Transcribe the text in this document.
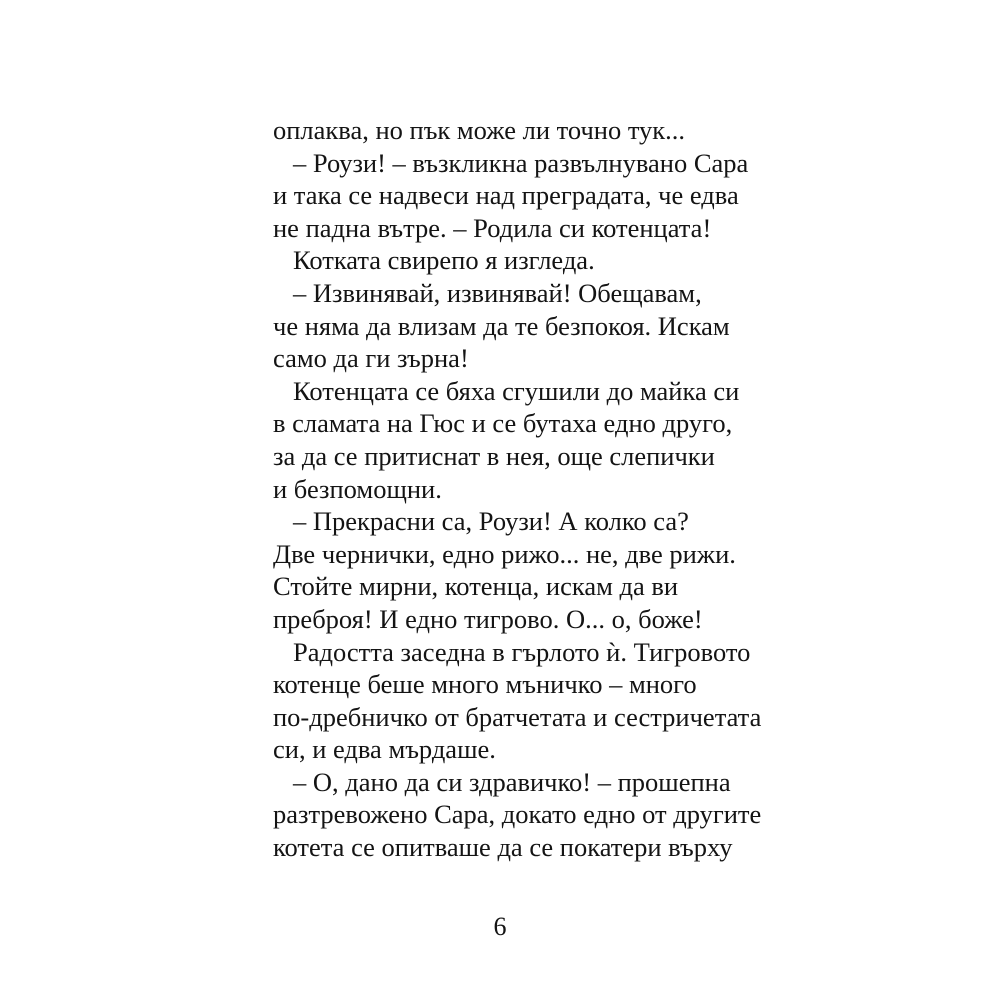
оплаква, но пък може ли точно тук...
– Роузи! – възкликна развълнувано Сара
и така се надвеси над преградата, че едва
не падна вътре. – Родила си котенцата!
Котката свирепо я изгледа.
– Извинявай, извинявай! Обещавам,
че няма да влизам да те безпокоя. Искам
само да ги зърна!
Котенцата се бяха сгушили до майка си
в сламата на Гюс и се бутаха едно друго,
за да се притиснат в нея, още слепички
и безпомощни.
– Прекрасни са, Роузи! А колко са?
Две чернички, едно рижо... не, две рижи.
Стойте мирни, котенца, искам да ви
преброя! И едно тигрово. О... о, боже!
Радостта заседна в гърлото ѝ. Тигровото
котенце беше много мъничко – много
по-дребничко от братчетата и сестричетата
си, и едва мърдаше.
– О, дано да си здравичко! – прошепна
разтревожено Сара, докато едно от другите
котета се опитваше да се покатери върху
6
